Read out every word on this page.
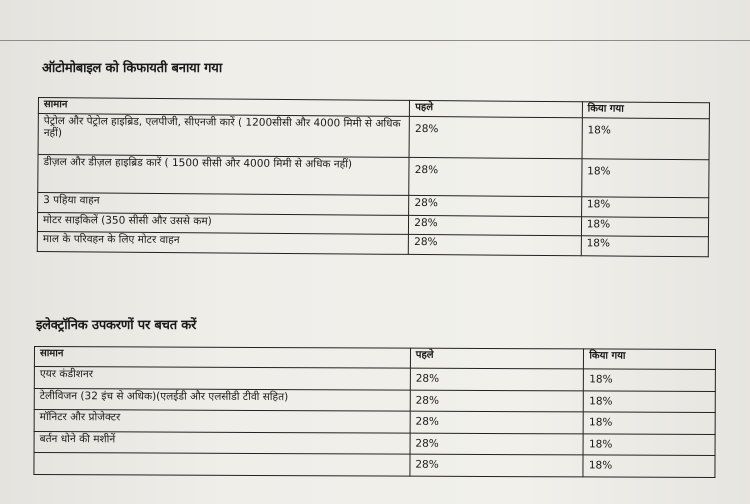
ऑटोमोबाइल को किफायती बनाया गया
सामान	पहले	किया गया
पेट्रोल और पेट्रोल हाइब्रिड, एलपीजी, सीएनजी कारें ( 1200सीसी और 4000 मिमी से अधिक नहीं)	28%	18%
डीज़ल और डीज़ल हाइब्रिड कारें ( 1500 सीसी और 4000 मिमी से अधिक नहीं)	28%	18%
3 पहिया वाहन	28%	18%
मोटर साइकिलें (350 सीसी और उससे कम)	28%	18%
माल के परिवहन के लिए मोटर वाहन	28%	18%
इलेक्ट्रॉनिक उपकरणों पर बचत करें
सामान	पहले	किया गया
एयर कंडीशनर	28%	18%
टेलीविजन (32 इंच से अधिक)(एलईडी और एलसीडी टीवी सहित)	28%	18%
मॉनिटर और प्रोजेक्टर	28%	18%
बर्तन धोने की मशीनें	28%	18%
	28%	18%
